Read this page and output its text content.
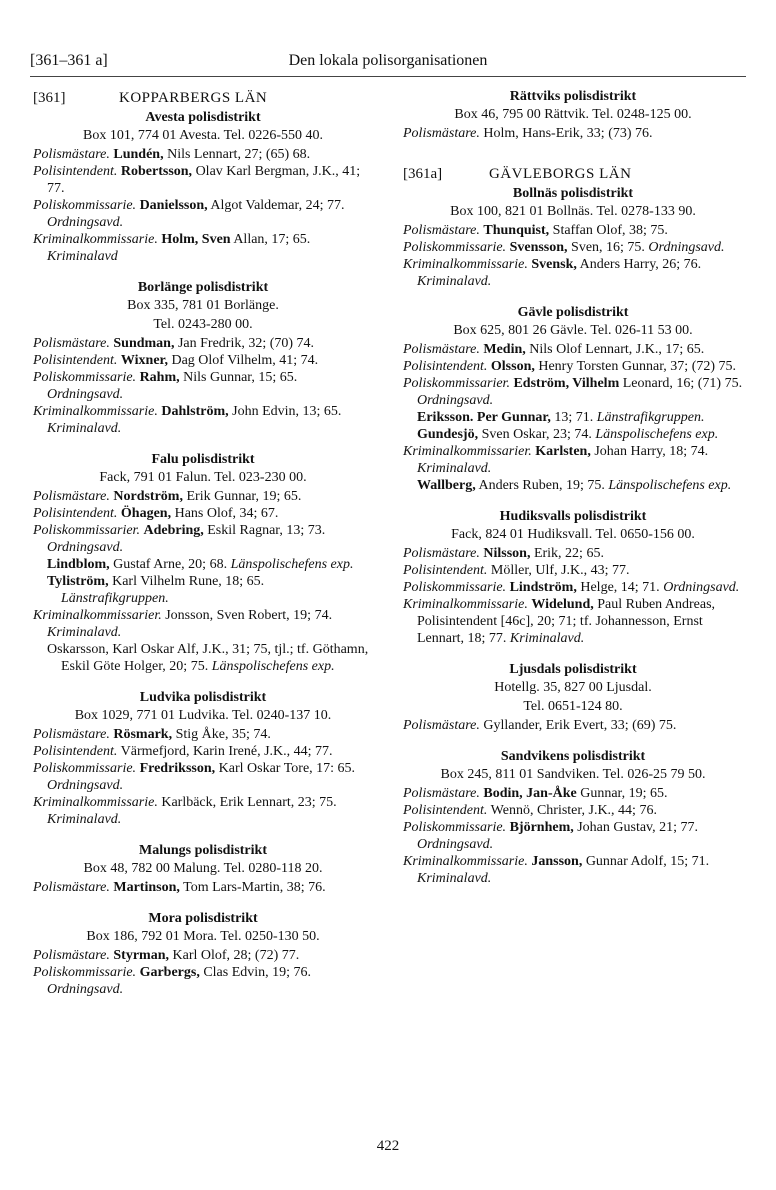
[361–361 a]	Den lokala polisorganisationen
[361]	KOPPARBERGS LÄN
Avesta polisdistrikt
Box 101, 774 01 Avesta. Tel. 0226-550 40.
Polismästare. Lundén, Nils Lennart, 27; (65) 68.
Polisintendent. Robertsson, Olav Karl Bergman, J.K., 41; 77.
Poliskommissarie. Danielsson, Algot Valdemar, 24; 77. Ordningsavd.
Kriminalkommissarie. Holm, Sven Allan, 17; 65. Kriminalavd
Borlänge polisdistrikt
Box 335, 781 01 Borlänge.
Tel. 0243-280 00.
Polismästare. Sundman, Jan Fredrik, 32; (70) 74.
Polisintendent. Wixner, Dag Olof Vilhelm, 41; 74.
Poliskommissarie. Rahm, Nils Gunnar, 15; 65. Ordningsavd.
Kriminalkommissarie. Dahlström, John Edvin, 13; 65. Kriminalavd.
Falu polisdistrikt
Fack, 791 01 Falun. Tel. 023-230 00.
Polismästare. Nordström, Erik Gunnar, 19; 65.
Polisintendent. Öhagen, Hans Olof, 34; 67.
Poliskommissarier. Adebring, Eskil Ragnar, 13; 73. Ordningsavd.
Lindblom, Gustaf Arne, 20; 68. Länspolischefens exp.
Tyliström, Karl Vilhelm Rune, 18; 65. Länstrafikgruppen.
Kriminalkommissarier. Jonsson, Sven Robert, 19; 74. Kriminalavd.
Oskarsson, Karl Oskar Alf, J.K., 31; 75, tjl.; tf. Göthamn, Eskil Göte Holger, 20; 75. Länspolischefens exp.
Ludvika polisdistrikt
Box 1029, 771 01 Ludvika. Tel. 0240-137 10.
Polismästare. Rösmark, Stig Åke, 35; 74.
Polisintendent. Värmefjord, Karin Irené, J.K., 44; 77.
Poliskommissarie. Fredriksson, Karl Oskar Tore, 17: 65. Ordningsavd.
Kriminalkommissarie. Karlbäck, Erik Lennart, 23; 75. Kriminalavd.
Malungs polisdistrikt
Box 48, 782 00 Malung. Tel. 0280-118 20.
Polismästare. Martinson, Tom Lars-Martin, 38; 76.
Mora polisdistrikt
Box 186, 792 01 Mora. Tel. 0250-130 50.
Polismästare. Styrman, Karl Olof, 28; (72) 77.
Poliskommissarie. Garbergs, Clas Edvin, 19; 76. Ordningsavd.
Rättviks polisdistrikt
Box 46, 795 00 Rättvik. Tel. 0248-125 00.
Polismästare. Holm, Hans-Erik, 33; (73) 76.
[361a]	GÄVLEBORGS LÄN
Bollnäs polisdistrikt
Box 100, 821 01 Bollnäs. Tel. 0278-133 90.
Polismästare. Thunquist, Staffan Olof, 38; 75.
Poliskommissarie. Svensson, Sven, 16; 75. Ordningsavd.
Kriminalkommissarie. Svensk, Anders Harry, 26; 76. Kriminalavd.
Gävle polisdistrikt
Box 625, 801 26 Gävle. Tel. 026-11 53 00.
Polismästare. Medin, Nils Olof Lennart, J.K., 17; 65.
Polisintendent. Olsson, Henry Torsten Gunnar, 37; (72) 75.
Poliskommissarier. Edström, Vilhelm Leonard, 16; (71) 75. Ordningsavd.
Eriksson. Per Gunnar, 13; 71. Länstrafikgruppen.
Gundesjö, Sven Oskar, 23; 74. Länspolischefens exp.
Kriminalkommissarier. Karlsten, Johan Harry, 18; 74. Kriminalavd.
Wallberg, Anders Ruben, 19; 75. Länspolischefens exp.
Hudiksvalls polisdistrikt
Fack, 824 01 Hudiksvall. Tel. 0650-156 00.
Polismästare. Nilsson, Erik, 22; 65.
Polisintendent. Möller, Ulf, J.K., 43; 77.
Poliskommissarie. Lindström, Helge, 14; 71. Ordningsavd.
Kriminalkommissarie. Widelund, Paul Ruben Andreas, Polisintendent [46c], 20; 71; tf. Johannesson, Ernst Lennart, 18; 77. Kriminalavd.
Ljusdals polisdistrikt
Hotellg. 35, 827 00 Ljusdal.
Tel. 0651-124 80.
Polismästare. Gyllander, Erik Evert, 33; (69) 75.
Sandvikens polisdistrikt
Box 245, 811 01 Sandviken. Tel. 026-25 79 50.
Polismästare. Bodin, Jan-Åke Gunnar, 19; 65.
Polisintendent. Wennö, Christer, J.K., 44; 76.
Poliskommissarie. Björnhem, Johan Gustav, 21; 77. Ordningsavd.
Kriminalkommissarie. Jansson, Gunnar Adolf, 15; 71. Kriminalavd.
422
